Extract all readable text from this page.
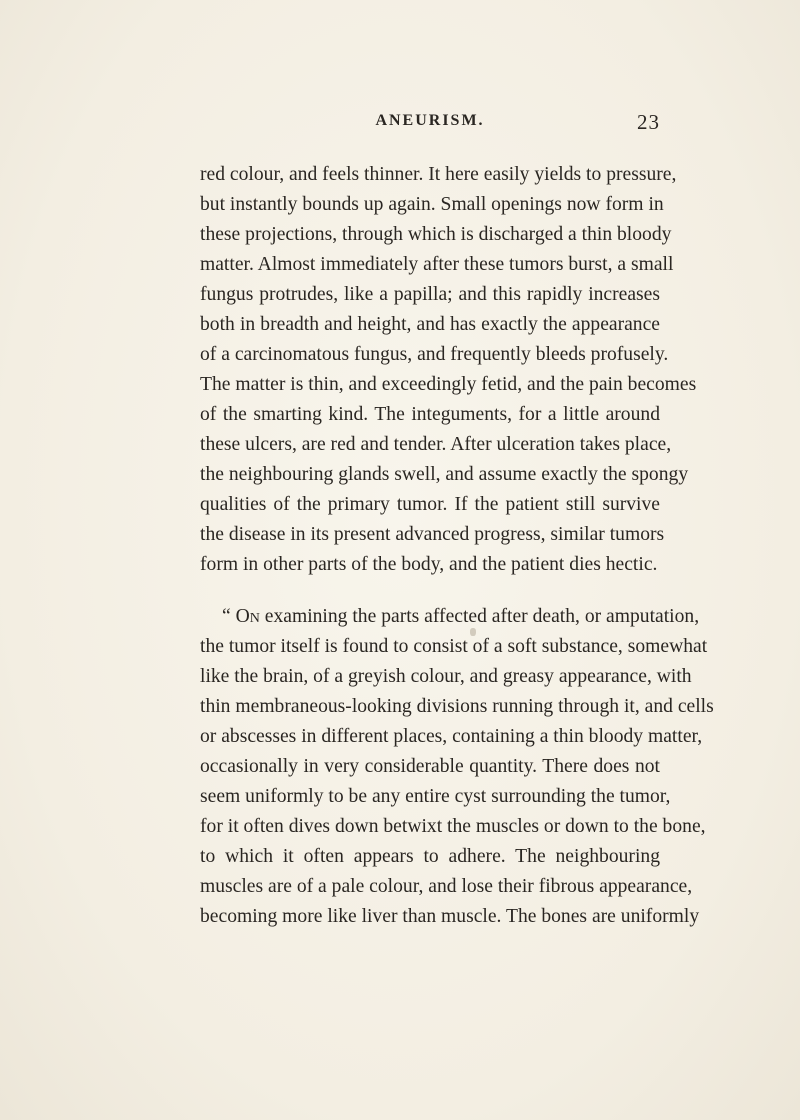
ANEURISM.	23
red colour, and feels thinner. It here easily yields to pressure,
but instantly bounds up again. Small openings now form in
these projections, through which is discharged a thin bloody
matter. Almost immediately after these tumors burst, a small
fungus protrudes, like a papilla; and this rapidly increases
both in breadth and height, and has exactly the appearance
of a carcinomatous fungus, and frequently bleeds profusely.
The matter is thin, and exceedingly fetid, and the pain becomes
of the smarting kind. The integuments, for a little around
these ulcers, are red and tender. After ulceration takes place,
the neighbouring glands swell, and assume exactly the spongy
qualities of the primary tumor. If the patient still survive
the disease in its present advanced progress, similar tumors
form in other parts of the body, and the patient dies hectic.
“ On examining the parts affected after death, or amputation,
the tumor itself is found to consist of a soft substance, somewhat
like the brain, of a greyish colour, and greasy appearance, with
thin membraneous-looking divisions running through it, and cells
or abscesses in different places, containing a thin bloody matter,
occasionally in very considerable quantity. There does not
seem uniformly to be any entire cyst surrounding the tumor,
for it often dives down betwixt the muscles or down to the bone,
to which it often appears to adhere. The neighbouring
muscles are of a pale colour, and lose their fibrous appearance,
becoming more like liver than muscle. The bones are uniformly
